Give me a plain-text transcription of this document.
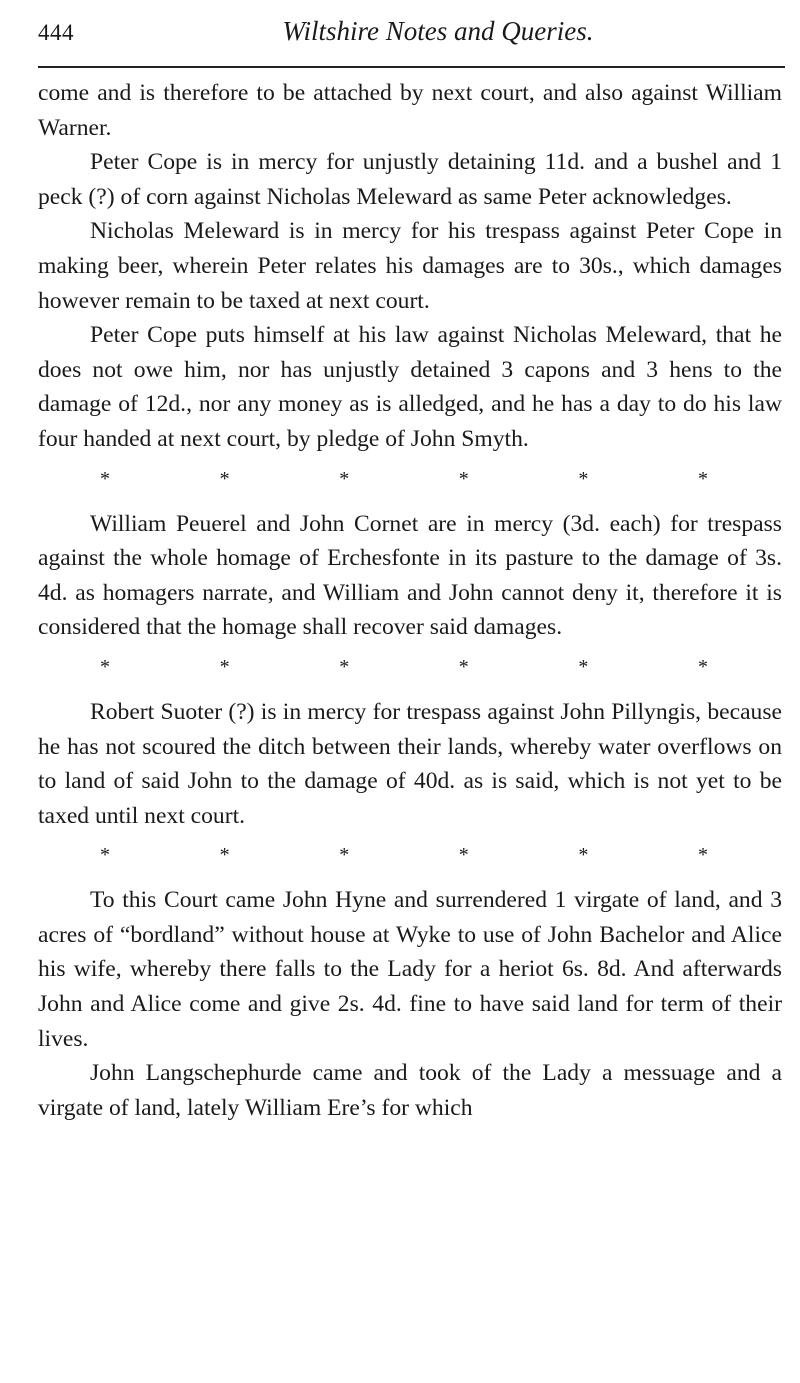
444	Wiltshire Notes and Queries.

come and is therefore to be attached by next court, and also against William Warner.

Peter Cope is in mercy for unjustly detaining 11d. and a bushel and 1 peck (?) of corn against Nicholas Meleward as same Peter acknowledges.

Nicholas Meleward is in mercy for his trespass against Peter Cope in making beer, wherein Peter relates his damages are to 30s., which damages however remain to be taxed at next court.

Peter Cope puts himself at his law against Nicholas Meleward, that he does not owe him, nor has unjustly detained 3 capons and 3 hens to the damage of 12d., nor any money as is alledged, and he has a day to do his law four handed at next court, by pledge of John Smyth.

*	*	*	*	*	*

William Peuerel and John Cornet are in mercy (3d. each) for trespass against the whole homage of Erchesfonte in its pasture to the damage of 3s. 4d. as homagers narrate, and William and John cannot deny it, therefore it is considered that the homage shall recover said damages.

*	*	*	*	*	*

Robert Suoter (?) is in mercy for trespass against John Pillyngis, because he has not scoured the ditch between their lands, whereby water overflows on to land of said John to the damage of 40d. as is said, which is not yet to be taxed until next court.

*	*	*	*	*	*

To this Court came John Hyne and surrendered 1 virgate of land, and 3 acres of “bordland” without house at Wyke to use of John Bachelor and Alice his wife, whereby there falls to the Lady for a heriot 6s. 8d. And afterwards John and Alice come and give 2s. 4d. fine to have said land for term of their lives.

John Langschephurde came and took of the Lady a messuage and a virgate of land, lately William Ere’s for which
